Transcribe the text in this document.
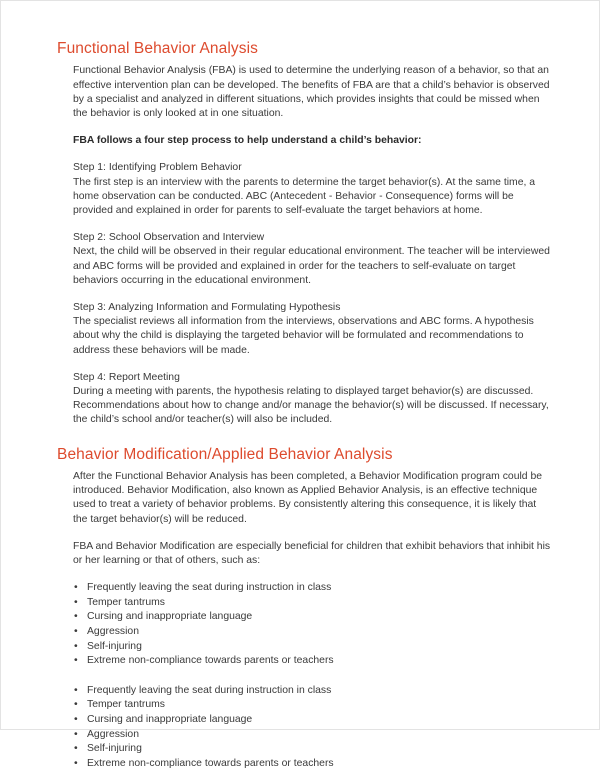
Functional Behavior Analysis

Functional Behavior Analysis (FBA) is used to determine the underlying reason of a behavior, so that an effective intervention plan can be developed. The benefits of FBA are that a child’s behavior is observed by a specialist and analyzed in different situations, which provides insights that could be missed when the behavior is only looked at in one situation.

FBA follows a four step process to help understand a child’s behavior:

Step 1: Identifying Problem Behavior

The first step is an interview with the parents to determine the target behavior(s). At the same time, a home observation can be conducted. ABC (Antecedent - Behavior - Consequence) forms will be provided and explained in order for parents to self-evaluate the target behaviors at home.

Step 2: School Observation and Interview

Next, the child will be observed in their regular educational environment. The teacher will be interviewed and ABC forms will be provided and explained in order for the teachers to self-evaluate on target behaviors occurring in the educational environment.

Step 3: Analyzing Information and Formulating Hypothesis

The specialist reviews all information from the interviews, observations and ABC forms. A hypothesis about why the child is displaying the targeted behavior will be formulated and recommendations to address these behaviors will be made.

Step 4: Report Meeting

During a meeting with parents, the hypothesis relating to displayed target behavior(s) are discussed. Recommendations about how to change and/or manage the behavior(s) will be discussed. If necessary, the child’s school and/or teacher(s) will also be included.

Behavior Modification/Applied Behavior Analysis

After the Functional Behavior Analysis has been completed, a Behavior Modification program could be introduced. Behavior Modification, also known as Applied Behavior Analysis, is an effective technique used to treat a variety of behavior problems. By consistently altering this consequence, it is likely that the target behavior(s) will be reduced.

FBA and Behavior Modification are especially beneficial for children that exhibit behaviors that inhibit his or her learning or that of others, such as:

• Frequently leaving the seat during instruction in class
• Temper tantrums
• Cursing and inappropriate language
• Aggression
• Self-injuring
• Extreme non-compliance towards parents or teachers
• Frequently leaving the seat during instruction in class
• Temper tantrums
• Cursing and inappropriate language
• Aggression
• Self-injuring
• Extreme non-compliance towards parents or teachers
